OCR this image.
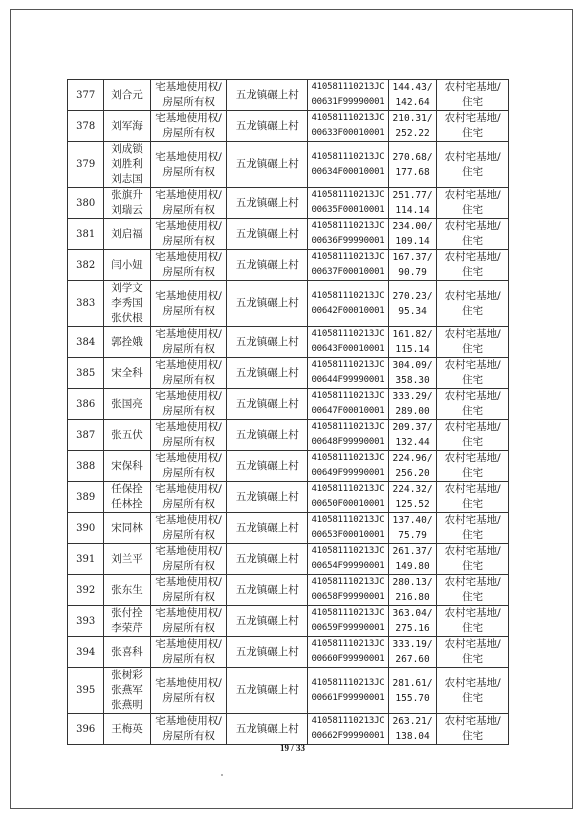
377	刘合元	宅基地使用权/
房屋所有权	五龙镇碾上村	410581110213JC
00631F99990001	144.43/
142.64	农村宅基地/
住宅

378	刘军海	宅基地使用权/
房屋所有权	五龙镇碾上村	410581110213JC
00633F00010001	210.31/
252.22	农村宅基地/
住宅

379	刘成锁
刘胜利
刘志国	宅基地使用权/
房屋所有权	五龙镇碾上村	410581110213JC
00634F00010001	270.68/
177.68	农村宅基地/
住宅

380	张旗升
刘瑞云	宅基地使用权/
房屋所有权	五龙镇碾上村	410581110213JC
00635F00010001	251.77/
114.14	农村宅基地/
住宅

381	刘启福	宅基地使用权/
房屋所有权	五龙镇碾上村	410581110213JC
00636F99990001	234.00/
109.14	农村宅基地/
住宅

382	闫小妞	宅基地使用权/
房屋所有权	五龙镇碾上村	410581110213JC
00637F00010001	167.37/
90.79	农村宅基地/
住宅

383	刘学文
李秀国
张伏根	宅基地使用权/
房屋所有权	五龙镇碾上村	410581110213JC
00642F00010001	270.23/
95.34	农村宅基地/
住宅

384	郭拴娥	宅基地使用权/
房屋所有权	五龙镇碾上村	410581110213JC
00643F00010001	161.82/
115.14	农村宅基地/
住宅

385	宋全科	宅基地使用权/
房屋所有权	五龙镇碾上村	410581110213JC
00644F99990001	304.09/
358.30	农村宅基地/
住宅

386	张国亮	宅基地使用权/
房屋所有权	五龙镇碾上村	410581110213JC
00647F00010001	333.29/
289.00	农村宅基地/
住宅

387	张五伏	宅基地使用权/
房屋所有权	五龙镇碾上村	410581110213JC
00648F99990001	209.37/
132.44	农村宅基地/
住宅

388	宋保科	宅基地使用权/
房屋所有权	五龙镇碾上村	410581110213JC
00649F99990001	224.96/
256.20	农村宅基地/
住宅

389	任保拴
任林拴	宅基地使用权/
房屋所有权	五龙镇碾上村	410581110213JC
00650F00010001	224.32/
125.52	农村宅基地/
住宅

390	宋同林	宅基地使用权/
房屋所有权	五龙镇碾上村	410581110213JC
00653F00010001	137.40/
75.79	农村宅基地/
住宅

391	刘兰平	宅基地使用权/
房屋所有权	五龙镇碾上村	410581110213JC
00654F99990001	261.37/
149.80	农村宅基地/
住宅

392	张东生	宅基地使用权/
房屋所有权	五龙镇碾上村	410581110213JC
00658F99990001	280.13/
216.80	农村宅基地/
住宅

393	张付拴
李荣芹	宅基地使用权/
房屋所有权	五龙镇碾上村	410581110213JC
00659F99990001	363.04/
275.16	农村宅基地/
住宅

394	张喜科	宅基地使用权/
房屋所有权	五龙镇碾上村	410581110213JC
00660F99990001	333.19/
267.60	农村宅基地/
住宅

395	张树彩
张燕军
张燕明	宅基地使用权/
房屋所有权	五龙镇碾上村	410581110213JC
00661F99990001	281.61/
155.70	农村宅基地/
住宅

396	王梅英	宅基地使用权/
房屋所有权	五龙镇碾上村	410581110213JC
00662F99990001	263.21/
138.04	农村宅基地/
住宅
19 / 33
